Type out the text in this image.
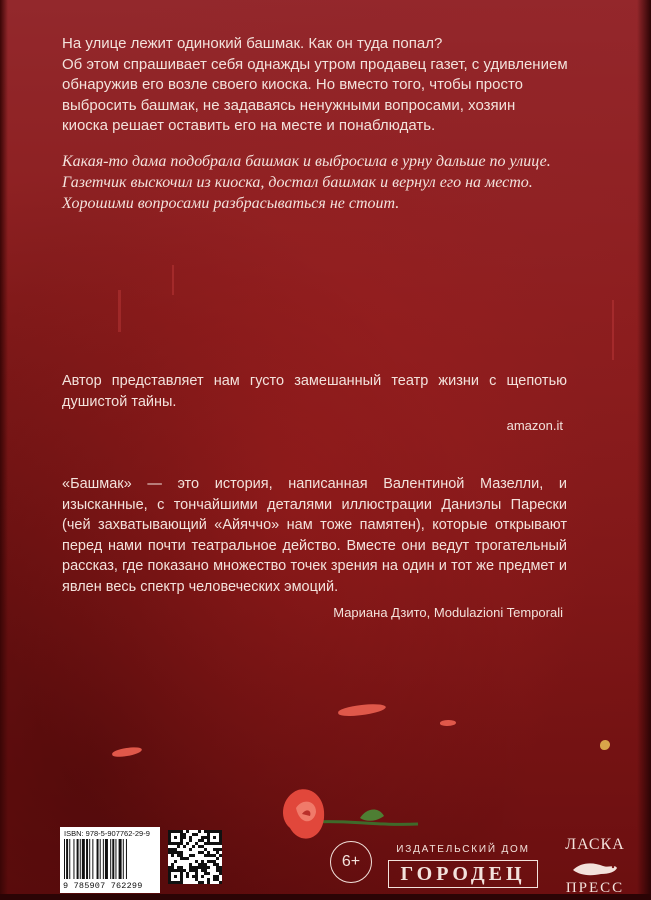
На улице лежит одинокий башмак. Как он туда попал?
Об этом спрашивает себя однажды утром продавец газет, с удивлением
обнаружив его возле своего киоска. Но вместо того, чтобы просто
выбросить башмак, не задаваясь ненужными вопросами, хозяин
киоска решает оставить его на месте и понаблюдать.
Какая-то дама подобрала башмак и выбросила в урну дальше по улице.
Газетчик выскочил из киоска, достал башмак и вернул его на место.
Хорошими вопросами разбрасываться не стоит.

Автор представляет нам густо замешанный театр жизни с щепотью душистой тайны.

amazon.it

«Башмак» — это история, написанная Валентиной Мазелли, и изысканные, с тончайшими деталями иллюстрации Даниэлы Парески (чей захватывающий «Айяччо» нам тоже памятен), которые открывают перед нами почти театральное действо. Вместе они ведут трогательный рассказ, где показано множество точек зрения на один и тот же предмет и явлен весь спектр человеческих эмоций.

Мариана Дзито, Modulazioni Temporali
ISBN: 978-5-907762-29-9
9 785907 762299
6+
ИЗДАТЕЛЬСКИЙ ДОМ
ГОРОДЕЦ
ЛАСКА
ПРЕСС
